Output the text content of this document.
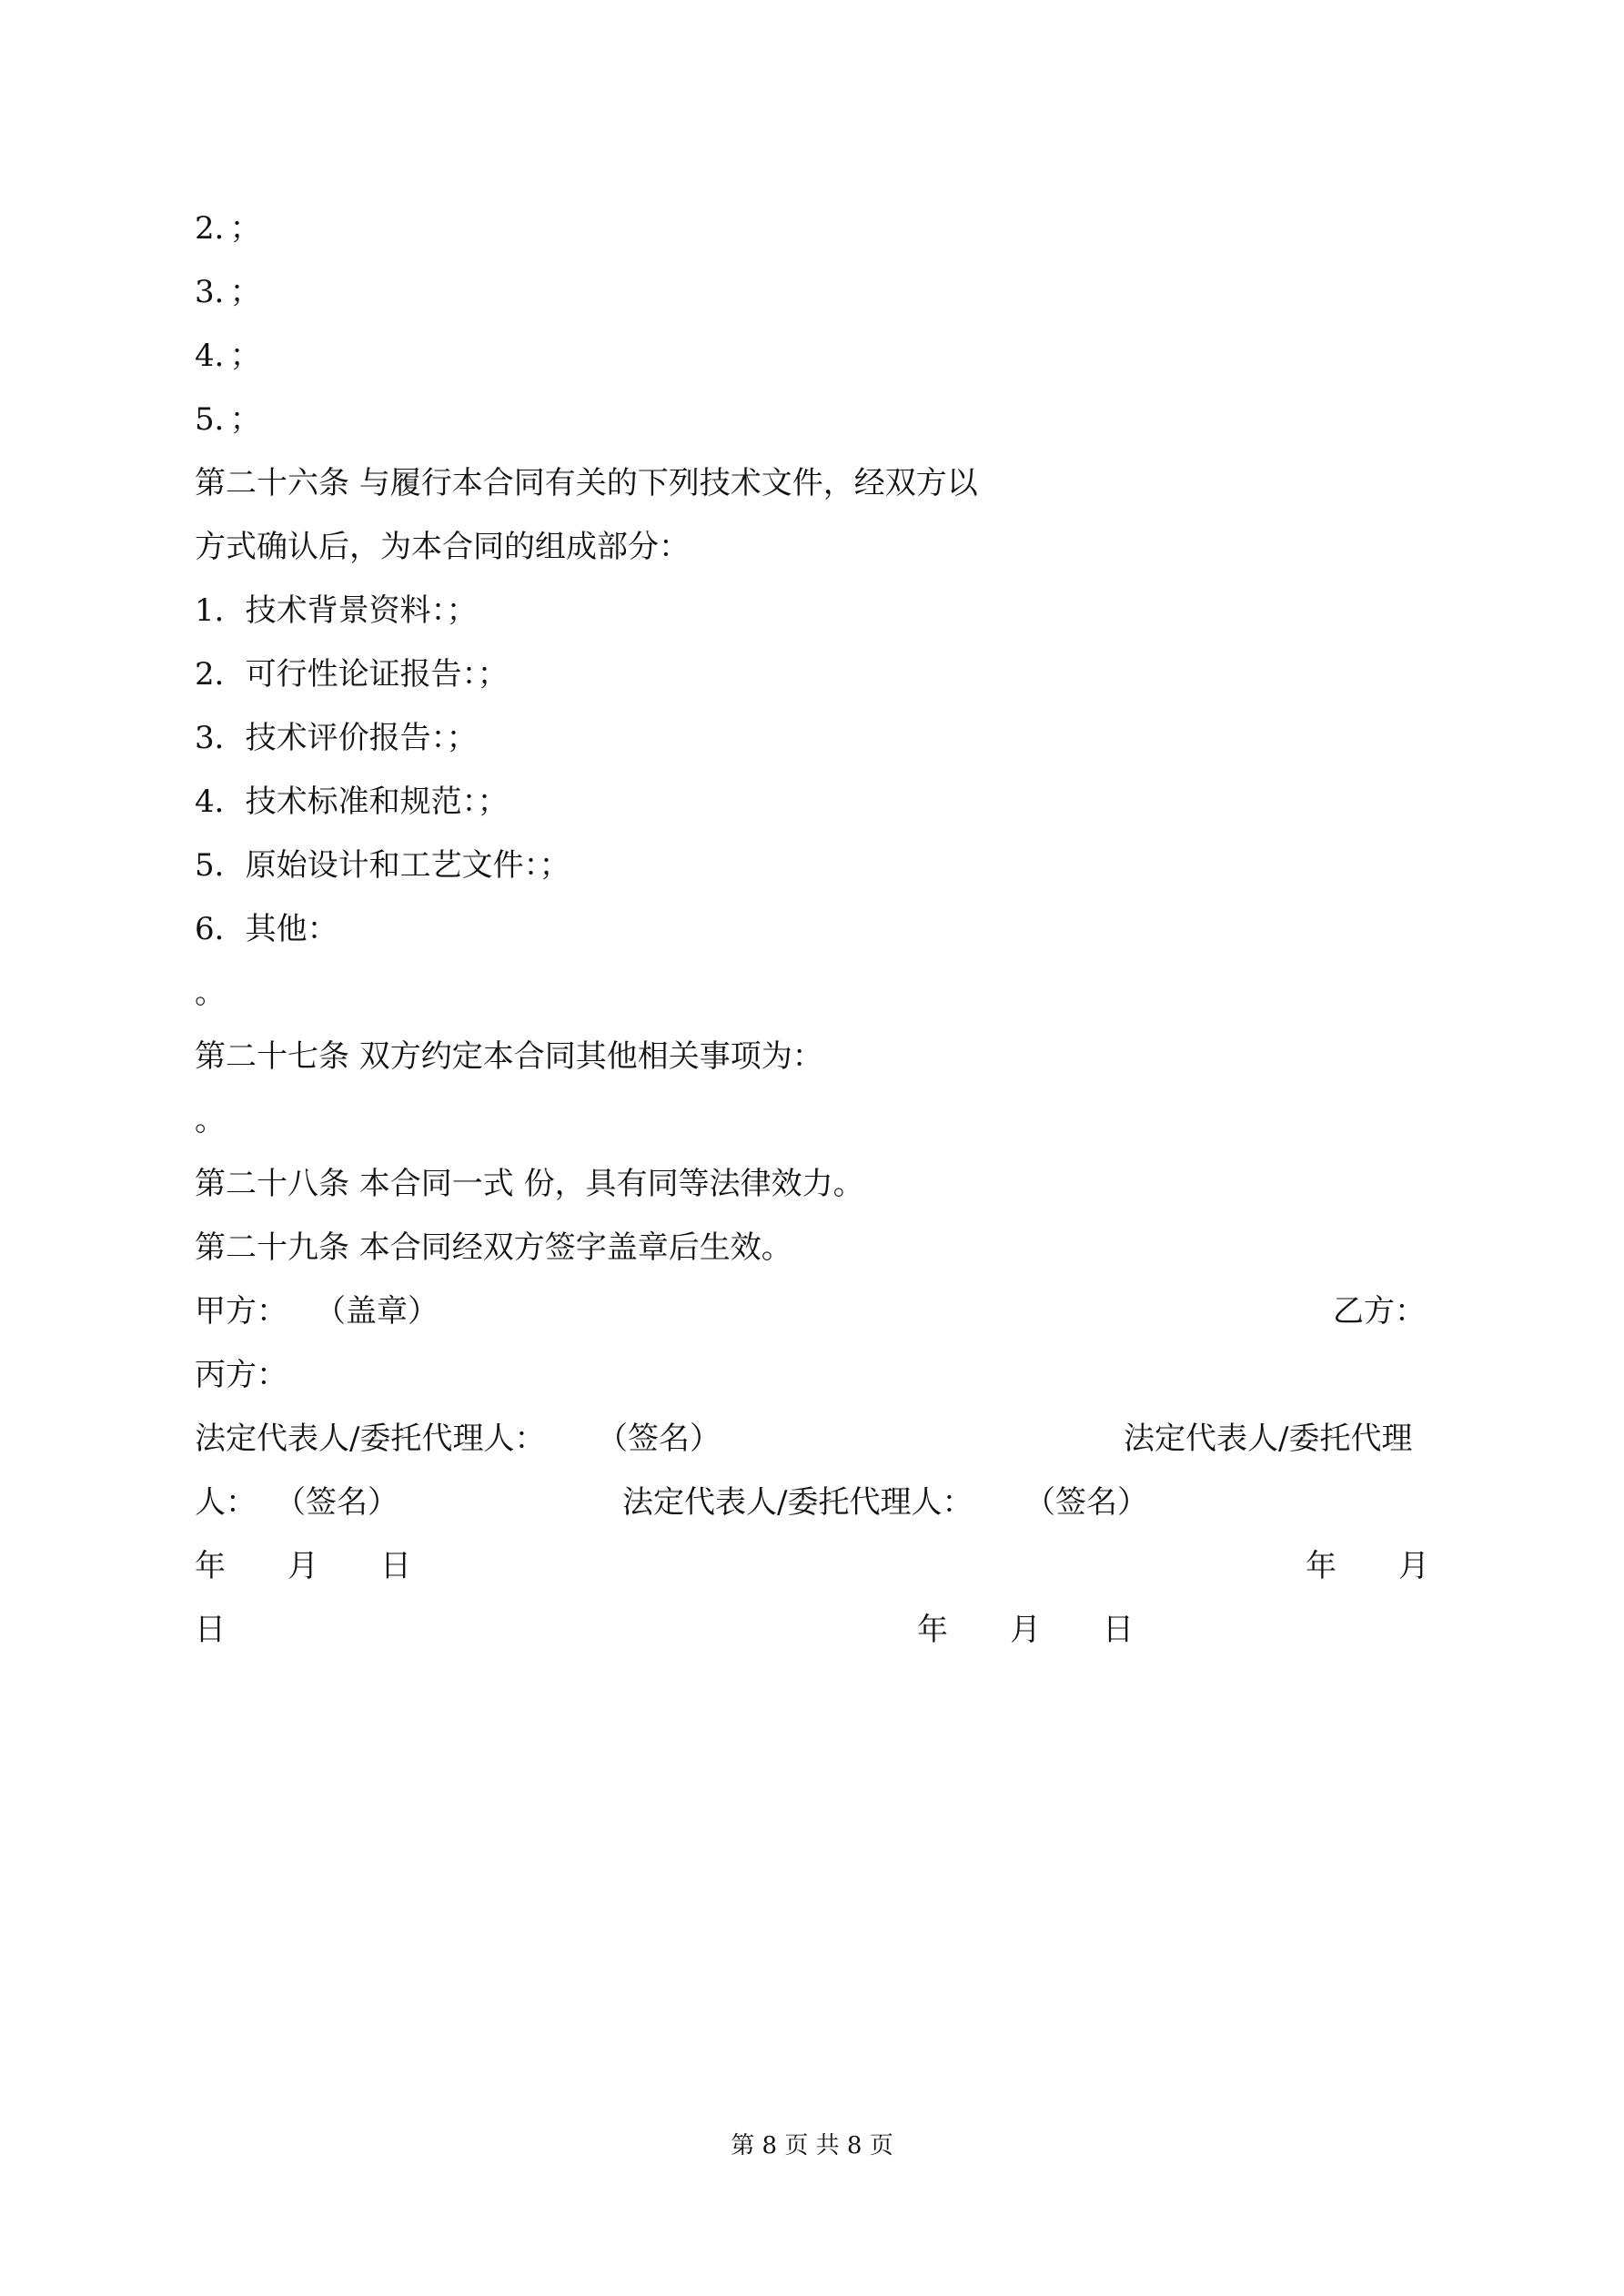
2．；
3．；
4．；
5．；
第二十六条 与履行本合同有关的下列技术文件，经双方以
方式确认后，为本合同的组成部分：
1．技术背景资料：；
2．可行性论证报告：；
3．技术评价报告：；
4．技术标准和规范：；
5．原始设计和工艺文件：；
6．其他：
。
第二十七条 双方约定本合同其他相关事项为：
。
第二十八条 本合同一式 份，具有同等法律效力。
第二十九条 本合同经双方签字盖章后生效。
甲方： （盖章）	乙方：
丙方：
法定代表人/委托代理人： （签名）	法定代表人/委托代理
人： （签名）	法定代表人/委托代理人： （签名）
年　　月　　日	年　　月
日	年　　月　　日
第 8 页 共 8 页
